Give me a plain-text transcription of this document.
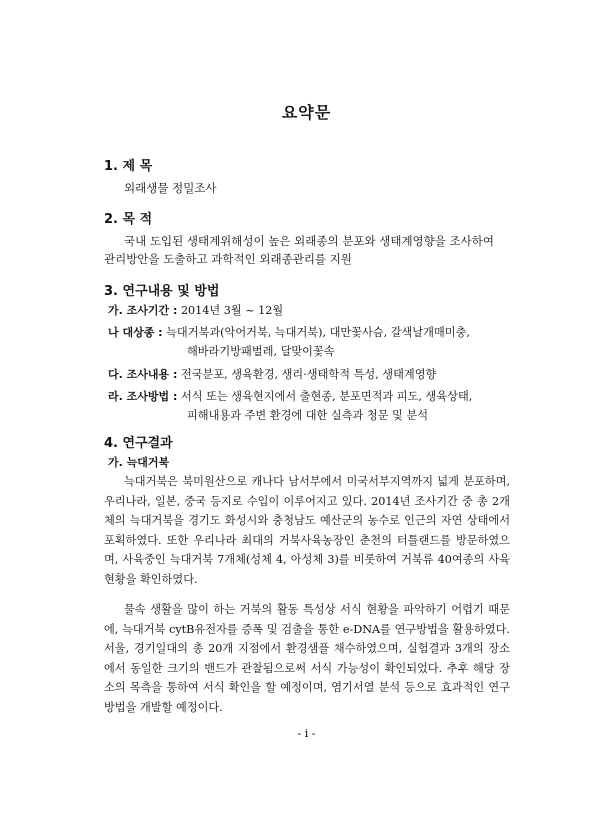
요약문
1. 제 목
외래생물 정밀조사
2. 목 적
국내 도입된 생태계위해성이 높은 외래종의 분포와 생태계영향을 조사하여
관리방안을 도출하고 과학적인 외래종관리를 지원
3. 연구내용 및 방법
가. 조사기간 : 2014년 3월 ~ 12월
나 대상종 : 늑대거북과(악어거북, 늑대거북), 대만꽃사슴, 갈색날개매미충,
해바라기방패벌레, 달맞이꽃속
다. 조사내용 : 전국분포, 생육환경, 생리·생태학적 특성, 생태계영향
라. 조사방법 : 서식 또는 생육현지에서 출현종, 분포면적과 피도, 생육상태,
피해내용과 주변 환경에 대한 실측과 청문 및 분석
4. 연구결과
가. 늑대거북
늑대거북은 북미원산으로 캐나다 남서부에서 미국서부지역까지 넓게 분포하며, 우리나라, 일본, 중국 등지로 수입이 이루어지고 있다. 2014년 조사기간 중 총 2개체의 늑대거북을 경기도 화성시와 충청남도 예산군의 농수로 인근의 자연 상태에서 포획하였다. 또한 우리나라 최대의 거북사육농장인 춘천의 터틀랜드를 방문하였으며, 사육중인 늑대거북 7개체(성체 4, 아성체 3)를 비롯하여 거북류 40여종의 사육 현황을 확인하였다.
물속 생활을 많이 하는 거북의 활동 특성상 서식 현황을 파악하기 어렵기 때문에, 늑대거북 cytB유전자를 증폭 및 검출을 통한 e-DNA를 연구방법을 활용하였다. 서울, 경기일대의 총 20개 지점에서 환경샘플 채수하였으며, 실험결과 3개의 장소에서 동일한 크기의 밴드가 관찰됨으로써 서식 가능성이 확인되었다. 추후 해당 장소의 목측을 통하여 서식 확인을 할 예정이며, 염기서열 분석 등으로 효과적인 연구방법을 개발할 예정이다.
- i -
